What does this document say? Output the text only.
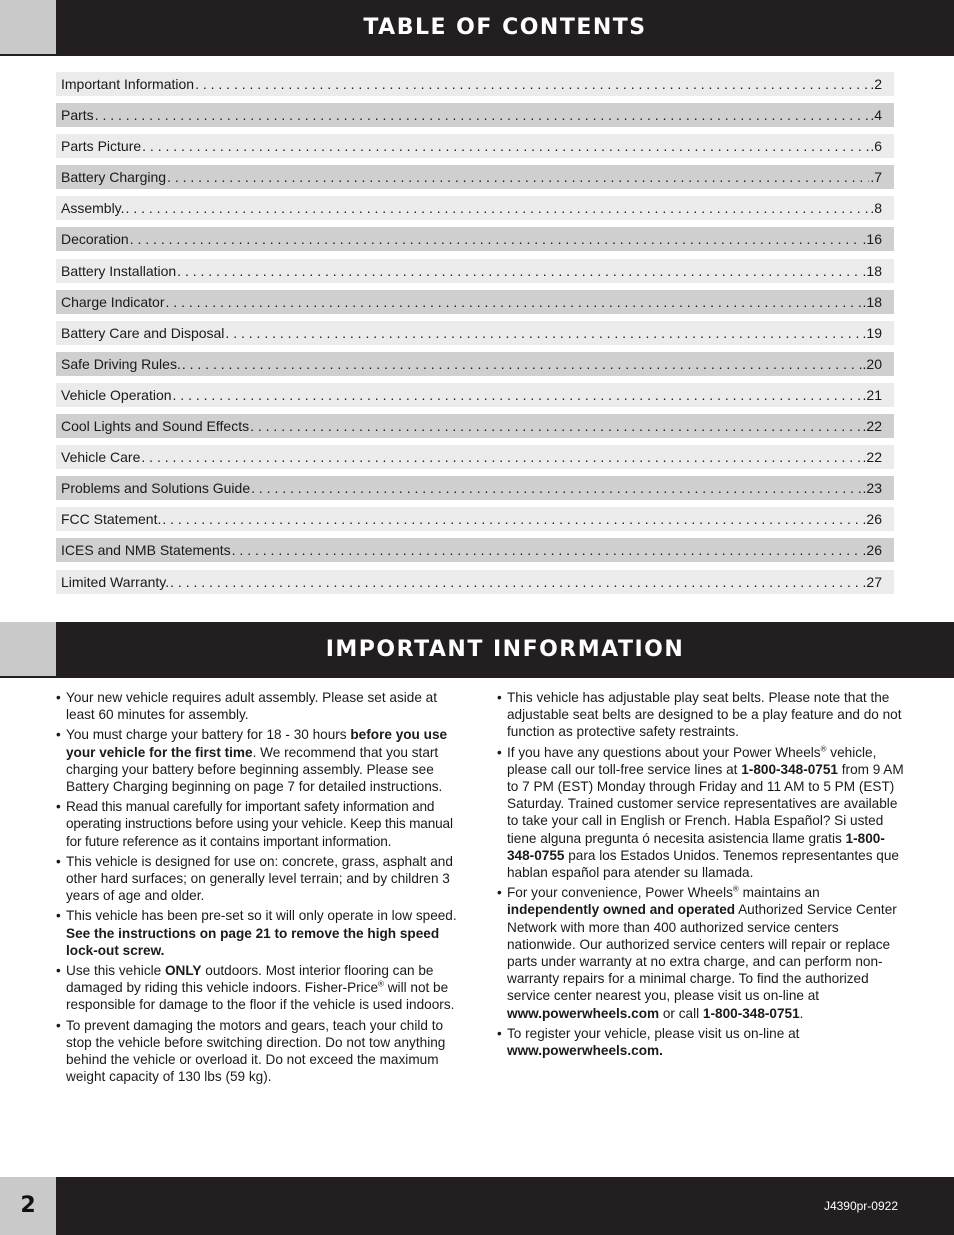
TABLE OF CONTENTS
Important Information . . .	.2
Parts . . .	.4
Parts Picture . . .	.6
Battery Charging . . .	.7
Assembly. . . .	.8
Decoration . . .	.16
Battery Installation . . .	.18
Charge Indicator . . .	.18
Battery Care and Disposal . . .	.19
Safe Driving Rules. . . .	.20
Vehicle Operation . . .	.21
Cool Lights and Sound Effects . . .	.22
Vehicle Care . . .	.22
Problems and Solutions Guide . . .	.23
FCC Statement. . . .	.26
ICES and NMB Statements . . .	.26
Limited Warranty. . . .	.27
IMPORTANT INFORMATION
• Your new vehicle requires adult assembly. Please set aside at least 60 minutes for assembly.
• You must charge your battery for 18 - 30 hours before you use your vehicle for the first time. We recommend that you start charging your battery before beginning assembly. Please see Battery Charging beginning on page 7 for detailed instructions.
• Read this manual carefully for important safety information and operating instructions before using your vehicle. Keep this manual for future reference as it contains important information.
• This vehicle is designed for use on: concrete, grass, asphalt and other hard surfaces; on generally level terrain; and by children 3 years of age and older.
• This vehicle has been pre-set so it will only operate in low speed. See the instructions on page 21 to remove the high speed lock-out screw.
• Use this vehicle ONLY outdoors. Most interior flooring can be damaged by riding this vehicle indoors. Fisher-Price® will not be responsible for damage to the floor if the vehicle is used indoors.
• To prevent damaging the motors and gears, teach your child to stop the vehicle before switching direction. Do not tow anything behind the vehicle or overload it. Do not exceed the maximum weight capacity of 130 lbs (59 kg).
• This vehicle has adjustable play seat belts. Please note that the adjustable seat belts are designed to be a play feature and do not function as protective safety restraints.
• If you have any questions about your Power Wheels® vehicle, please call our toll-free service lines at 1-800-348-0751 from 9 AM to 7 PM (EST) Monday through Friday and 11 AM to 5 PM (EST) Saturday. Trained customer service representatives are available to take your call in English or French. Habla Español? Si usted tiene alguna pregunta ó necesita asistencia llame gratis 1-800-348-0755 para los Estados Unidos. Tenemos representantes que hablan español para atender su llamada.
• For your convenience, Power Wheels® maintains an independently owned and operated Authorized Service Center Network with more than 400 authorized service centers nationwide. Our authorized service centers will repair or replace parts under warranty at no extra charge, and can perform non-warranty repairs for a minimal charge. To find the authorized service center nearest you, please visit us on-line at www.powerwheels.com or call 1-800-348-0751.
• To register your vehicle, please visit us on-line at www.powerwheels.com.
2	J4390pr-0922
